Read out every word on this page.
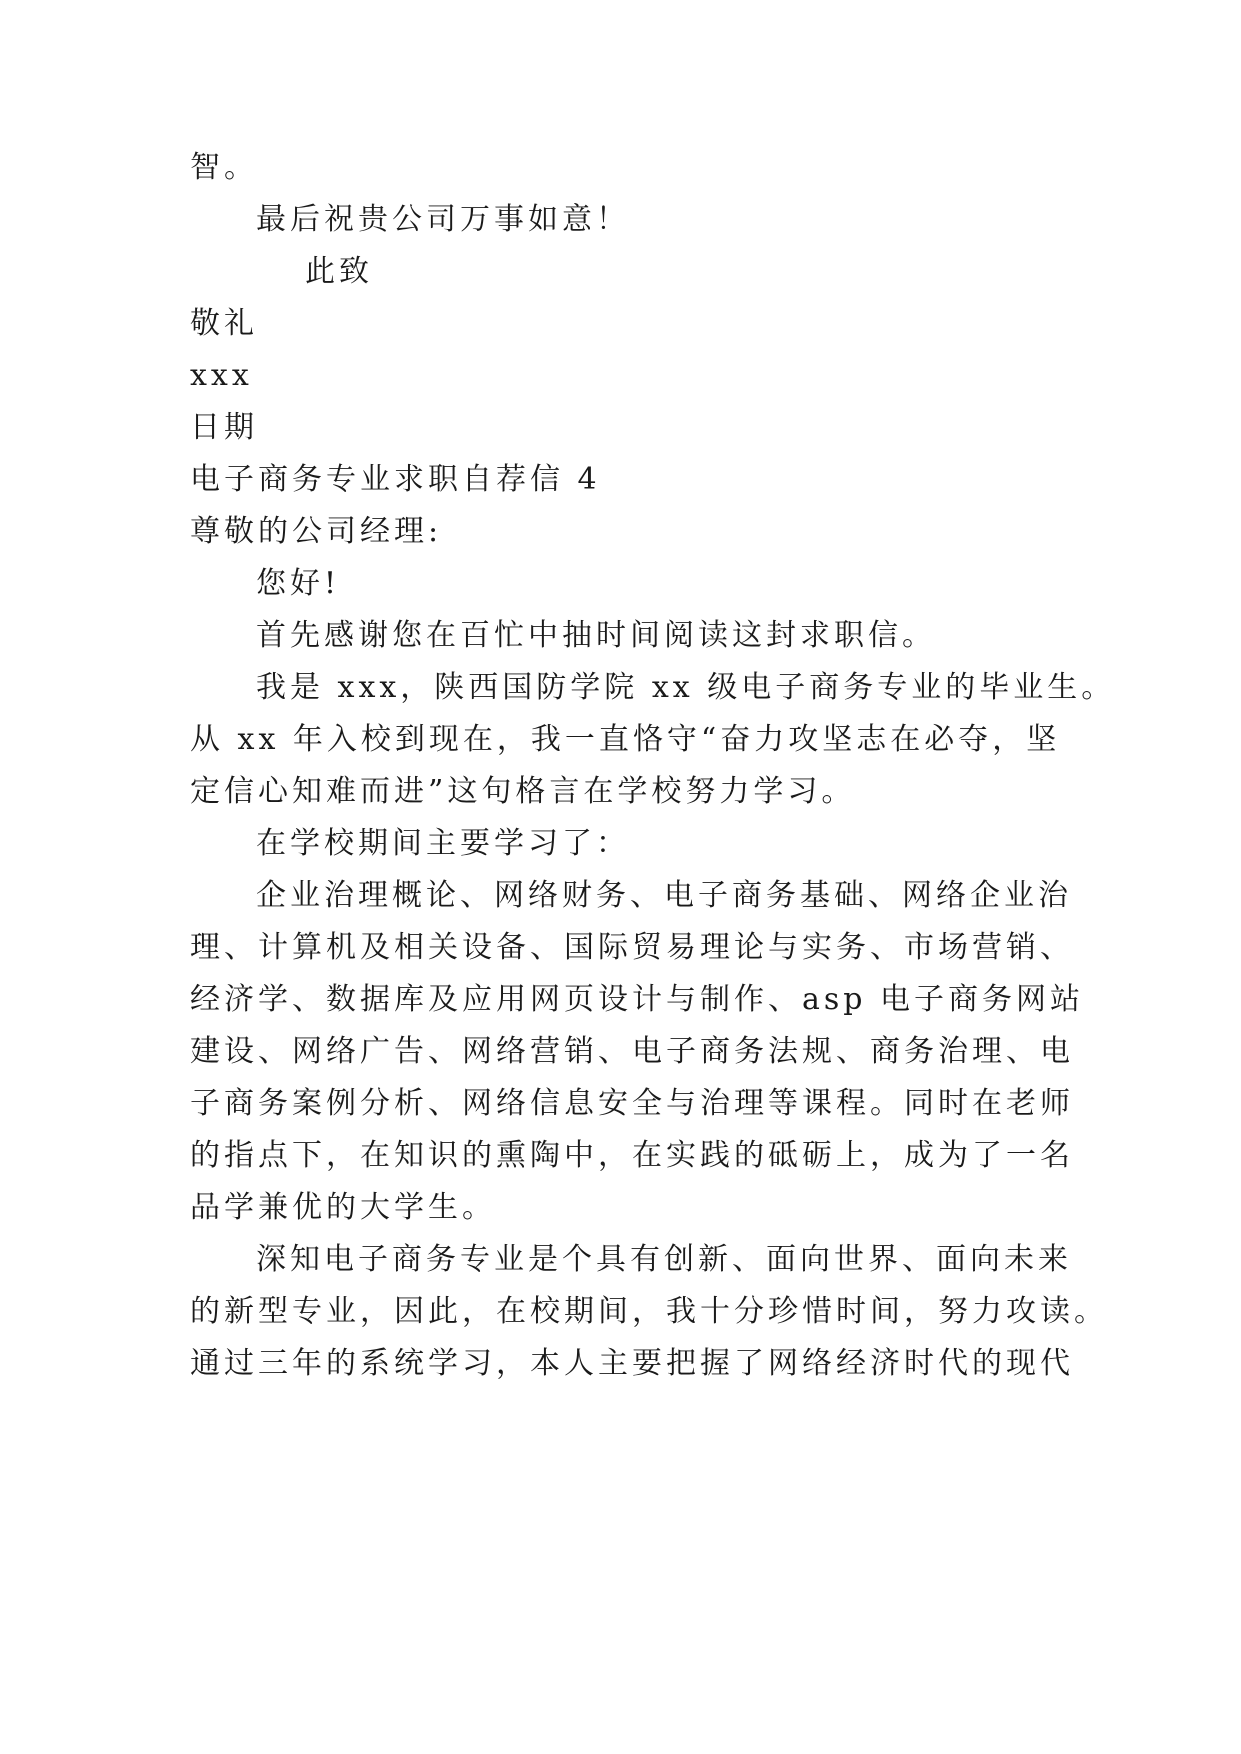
智。
最后祝贵公司万事如意！
此致
敬礼
xxx
日期
电子商务专业求职自荐信 4
尊敬的公司经理:
您好!
首先感谢您在百忙中抽时间阅读这封求职信。
我是 xxx，陕西国防学院 xx 级电子商务专业的毕业生。
从 xx 年入校到现在，我一直恪守“奋力攻坚志在必夺，坚
定信心知难而进”这句格言在学校努力学习。
在学校期间主要学习了：
企业治理概论、网络财务、电子商务基础、网络企业治
理、计算机及相关设备、国际贸易理论与实务、市场营销、
经济学、数据库及应用网页设计与制作、asp 电子商务网站
建设、网络广告、网络营销、电子商务法规、商务治理、电
子商务案例分析、网络信息安全与治理等课程。同时在老师
的指点下，在知识的熏陶中，在实践的砥砺上，成为了一名
品学兼优的大学生。
深知电子商务专业是个具有创新、面向世界、面向未来
的新型专业，因此，在校期间，我十分珍惜时间，努力攻读。
通过三年的系统学习，本人主要把握了网络经济时代的现代
